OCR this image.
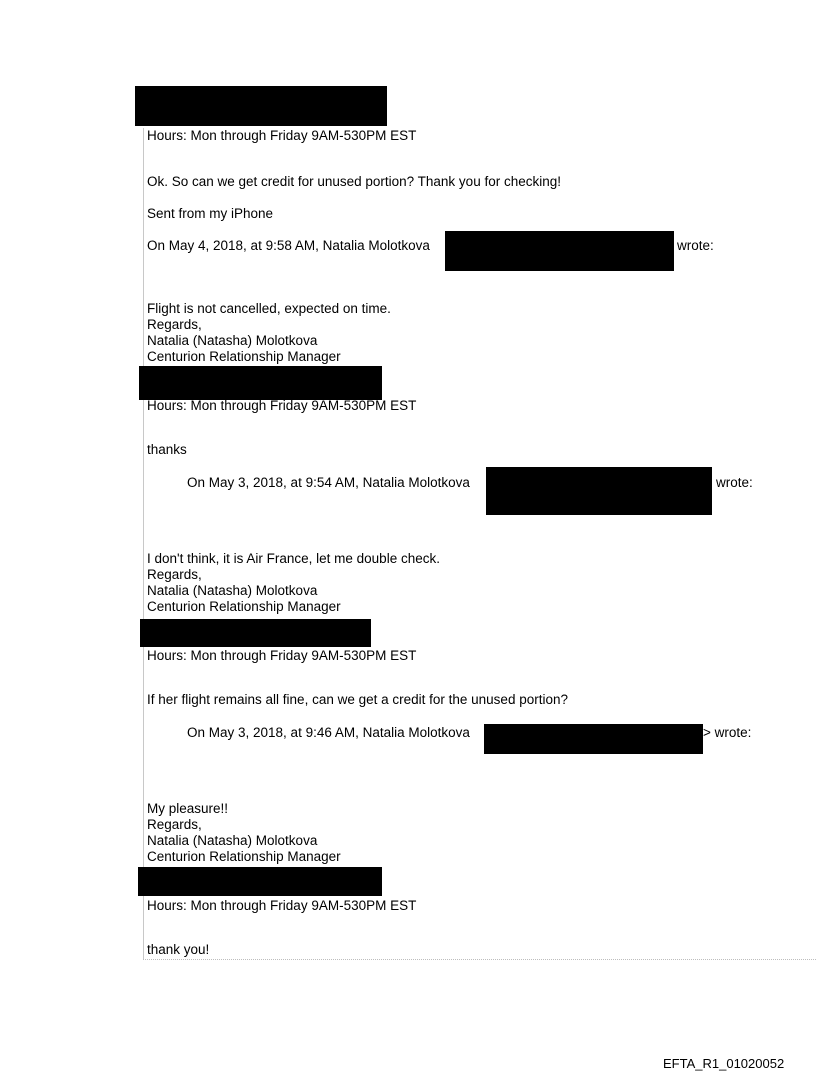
Hours: Mon through Friday 9AM-530PM EST
Ok. So can we get credit for unused portion? Thank you for checking!
Sent from my iPhone
On May 4, 2018, at 9:58 AM, Natalia Molotkova	wrote:
Flight is not cancelled, expected on time.
Regards,
Natalia (Natasha) Molotkova
Centurion Relationship Manager
Hours: Mon through Friday 9AM-530PM EST
thanks
On May 3, 2018, at 9:54 AM, Natalia Molotkova	wrote:
I don't think, it is Air France, let me double check.
Regards,
Natalia (Natasha) Molotkova
Centurion Relationship Manager
Hours: Mon through Friday 9AM-530PM EST
If her flight remains all fine, can we get a credit for the unused portion?
On May 3, 2018, at 9:46 AM, Natalia Molotkova	> wrote:
My pleasure!!
Regards,
Natalia (Natasha) Molotkova
Centurion Relationship Manager
Hours: Mon through Friday 9AM-530PM EST
thank you!
EFTA_R1_01020052
